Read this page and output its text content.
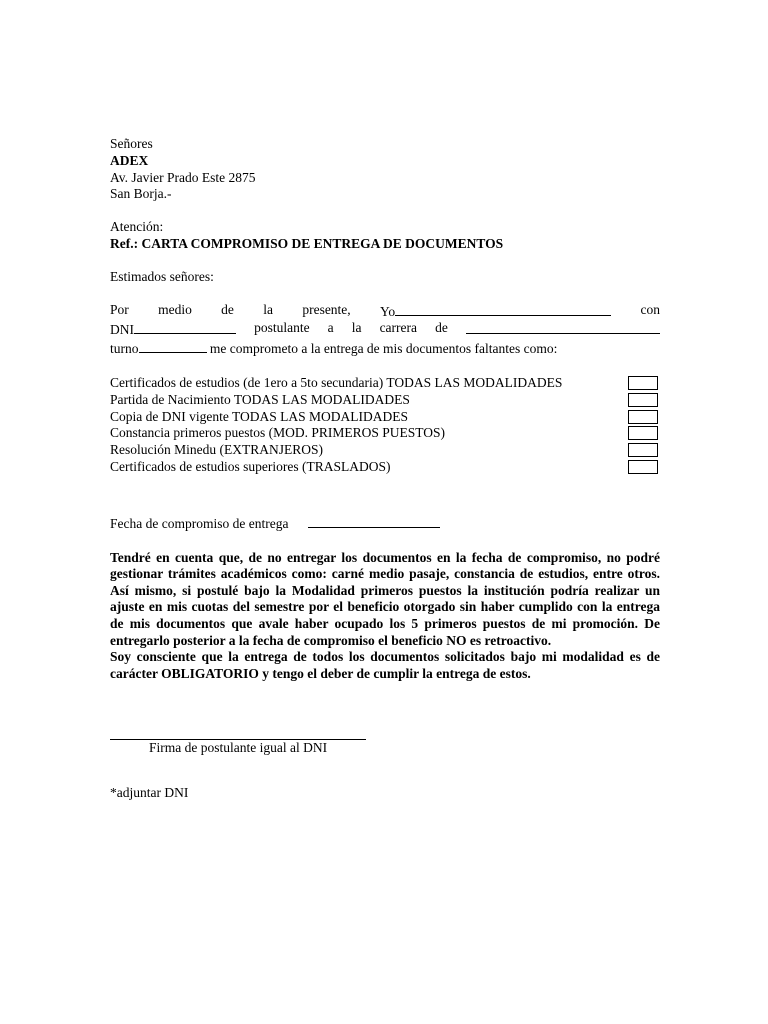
Señores
ADEX
Av. Javier Prado Este 2875
San Borja.-
Atención:
Ref.: CARTA COMPROMISO DE ENTREGA DE DOCUMENTOS
Estimados señores:
Por medio de la presente, Yo	con
DNI	postulante a la carrera de
turno	me comprometo a la entrega de mis documentos faltantes como:
Certificados de estudios (de 1ero a 5to secundaria) TODAS LAS MODALIDADES
Partida de Nacimiento TODAS LAS MODALIDADES
Copia de DNI vigente TODAS LAS MODALIDADES
Constancia primeros puestos (MOD. PRIMEROS PUESTOS)
Resolución Minedu (EXTRANJEROS)
Certificados de estudios superiores (TRASLADOS)
Fecha de compromiso de entrega

Tendré en cuenta que, de no entregar los documentos en la fecha de compromiso, no podré gestionar trámites académicos como: carné medio pasaje, constancia de estudios, entre otros. Así mismo, si postulé bajo la Modalidad primeros puestos la institución podría realizar un ajuste en mis cuotas del semestre por el beneficio otorgado sin haber cumplido con la entrega de mis documentos que avale haber ocupado los 5 primeros puestos de mi promoción. De entregarlo posterior a la fecha de compromiso el beneficio NO es retroactivo.

Soy consciente que la entrega de todos los documentos solicitados bajo mi modalidad es de carácter OBLIGATORIO y tengo el deber de cumplir la entrega de estos.

Firma de postulante igual al DNI
*adjuntar DNI
